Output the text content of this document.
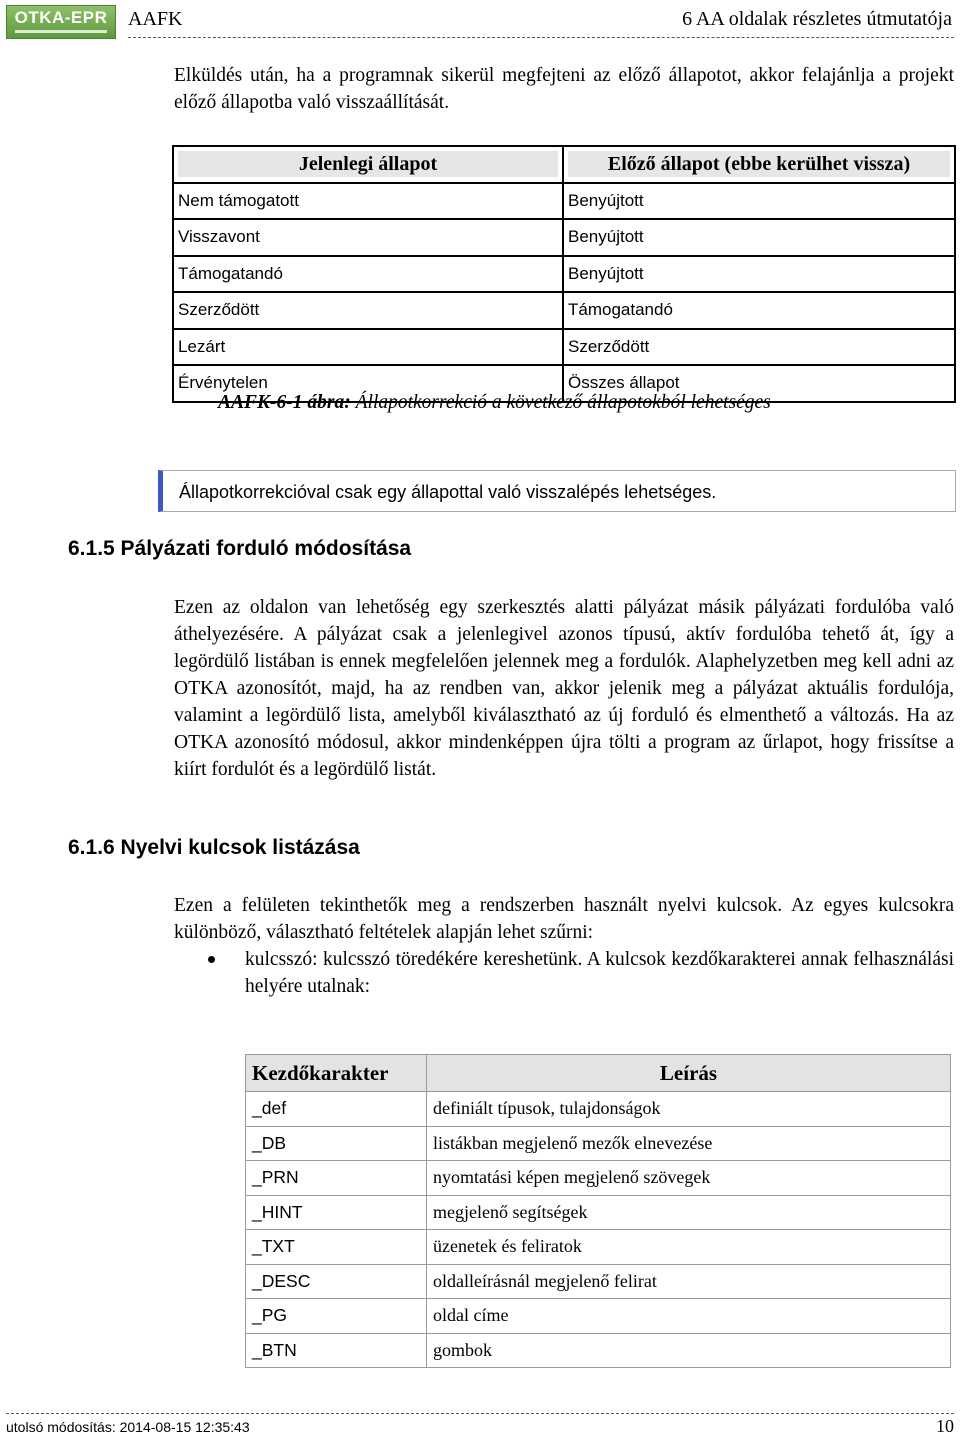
OTKA-EPR	AAFK	6 AA oldalak részletes útmutatója
Elküldés után, ha a programnak sikerül megfejteni az előző állapotot, akkor felajánlja a projekt előző állapotba való visszaállítását.
Jelenlegi állapot	Előző állapot (ebbe kerülhet vissza)

Nem támogatott	Benyújtott
Visszavont	Benyújtott
Támogatandó	Benyújtott
Szerződött	Támogatandó
Lezárt	Szerződött
Érvénytelen	Összes állapot
AAFK-6-1 ábra: Állapotkorrekció a következő állapotokból lehetséges
Állapotkorrekcióval csak egy állapottal való visszalépés lehetséges.
6.1.5 Pályázati forduló módosítása
Ezen az oldalon van lehetőség egy szerkesztés alatti pályázat másik pályázati fordulóba való áthelyezésére. A pályázat csak a jelenlegivel azonos típusú, aktív fordulóba tehető át, így a legördülő listában is ennek megfelelően jelennek meg a fordulók. Alaphelyzetben meg kell adni az OTKA azonosítót, majd, ha az rendben van, akkor jelenik meg a pályázat aktuális fordulója, valamint a legördülő lista, amelyből kiválasztható az új forduló és elmenthető a változás. Ha az OTKA azonosító módosul, akkor mindenképpen újra tölti a program az űrlapot, hogy frissítse a kiírt fordulót és a legördülő listát.
6.1.6 Nyelvi kulcsok listázása
Ezen a felületen tekinthetők meg a rendszerben használt nyelvi kulcsok. Az egyes kulcsokra különböző, választható feltételek alapján lehet szűrni:
kulcsszó: kulcsszó töredékére kereshetünk. A kulcsok kezdőkarakterei annak felhasználási helyére utalnak:
Kezdőkarakter	Leírás
_def	definiált típusok, tulajdonságok
_DB	listákban megjelenő mezők elnevezése
_PRN	nyomtatási képen megjelenő szövegek
_HINT	megjelenő segítségek
_TXT	üzenetek és feliratok
_DESC	oldalleírásnál megjelenő felirat
_PG	oldal címe
_BTN	gombok
utolsó módosítás: 2014-08-15 12:35:43	10
